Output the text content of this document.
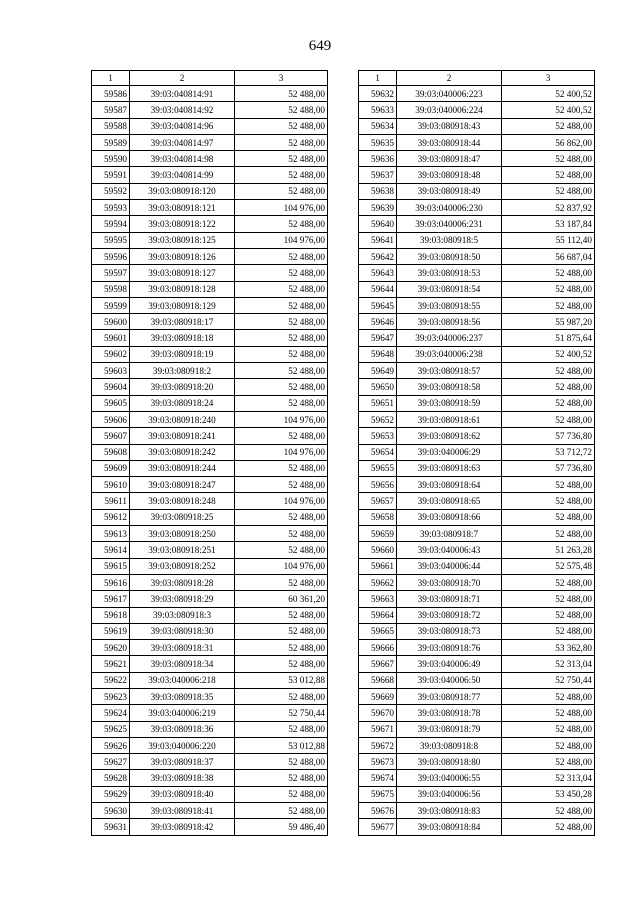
649
1	2	3
59586	39:03:040814:91	52 488,00
59587	39:03:040814:92	52 488,00
59588	39:03:040814:96	52 488,00
59589	39:03:040814:97	52 488,00
59590	39:03:040814:98	52 488,00
59591	39:03:040814:99	52 488,00
59592	39:03:080918:120	52 488,00
59593	39:03:080918:121	104 976,00
59594	39:03:080918:122	52 488,00
59595	39:03:080918:125	104 976,00
59596	39:03:080918:126	52 488,00
59597	39:03:080918:127	52 488,00
59598	39:03:080918:128	52 488,00
59599	39:03:080918:129	52 488,00
59600	39:03:080918:17	52 488,00
59601	39:03:080918:18	52 488,00
59602	39:03:080918:19	52 488,00
59603	39:03:080918:2	52 488,00
59604	39:03:080918:20	52 488,00
59605	39:03:080918:24	52 488,00
59606	39:03:080918:240	104 976,00
59607	39:03:080918:241	52 488,00
59608	39:03:080918:242	104 976,00
59609	39:03:080918:244	52 488,00
59610	39:03:080918:247	52 488,00
59611	39:03:080918:248	104 976,00
59612	39:03:080918:25	52 488,00
59613	39:03:080918:250	52 488,00
59614	39:03:080918:251	52 488,00
59615	39:03:080918:252	104 976,00
59616	39:03:080918:28	52 488,00
59617	39:03:080918:29	60 361,20
59618	39:03:080918:3	52 488,00
59619	39:03:080918:30	52 488,00
59620	39:03:080918:31	52 488,00
59621	39:03:080918:34	52 488,00
59622	39:03:040006:218	53 012,88
59623	39:03:080918:35	52 488,00
59624	39:03:040006:219	52 750,44
59625	39:03:080918:36	52 488,00
59626	39:03:040006:220	53 012,88
59627	39:03:080918:37	52 488,00
59628	39:03:080918:38	52 488,00
59629	39:03:080918:40	52 488,00
59630	39:03:080918:41	52 488,00
59631	39:03:080918:42	59 486,40
1	2	3
59632	39:03:040006:223	52 400,52
59633	39:03:040006:224	52 400,52
59634	39:03:080918:43	52 488,00
59635	39:03:080918:44	56 862,00
59636	39:03:080918:47	52 488,00
59637	39:03:080918:48	52 488,00
59638	39:03:080918:49	52 488,00
59639	39:03:040006:230	52 837,92
59640	39:03:040006:231	53 187,84
59641	39:03:080918:5	55 112,40
59642	39:03:080918:50	56 687,04
59643	39:03:080918:53	52 488,00
59644	39:03:080918:54	52 488,00
59645	39:03:080918:55	52 488,00
59646	39:03:080918:56	55 987,20
59647	39:03:040006:237	51 875,64
59648	39:03:040006:238	52 400,52
59649	39:03:080918:57	52 488,00
59650	39:03:080918:58	52 488,00
59651	39:03:080918:59	52 488,00
59652	39:03:080918:61	52 488,00
59653	39:03:080918:62	57 736,80
59654	39:03:040006:29	53 712,72
59655	39:03:080918:63	57 736,80
59656	39:03:080918:64	52 488,00
59657	39:03:080918:65	52 488,00
59658	39:03:080918:66	52 488,00
59659	39:03:080918:7	52 488,00
59660	39:03:040006:43	51 263,28
59661	39:03:040006:44	52 575,48
59662	39:03:080918:70	52 488,00
59663	39:03:080918:71	52 488,00
59664	39:03:080918:72	52 488,00
59665	39:03:080918:73	52 488,00
59666	39:03:080918:76	53 362,80
59667	39:03:040006:49	52 313,04
59668	39:03:040006:50	52 750,44
59669	39:03:080918:77	52 488,00
59670	39:03:080918:78	52 488,00
59671	39:03:080918:79	52 488,00
59672	39:03:080918:8	52 488,00
59673	39:03:080918:80	52 488,00
59674	39:03:040006:55	52 313,04
59675	39:03:040006:56	53 450,28
59676	39:03:080918:83	52 488,00
59677	39:03:080918:84	52 488,00
